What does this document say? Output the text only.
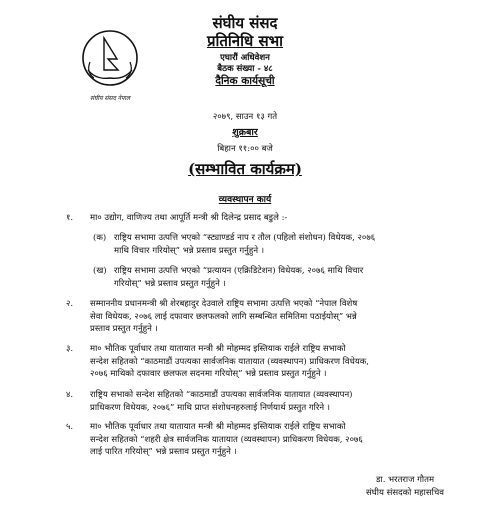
संघीय संसद नेपाल
संघीय संसद
प्रतिनिधि सभा
एघारौं अधिवेशन
बैठक संख्या - ४८
दैनिक कार्यसूची
२०७९, साउन १३ गते
शुक्रबार
बिहान ११:०० बजे
(सम्भावित कार्यक्रम)
व्यवस्थापन कार्य
१. मा० उद्योग, वाणिज्य तथा आपूर्ति मन्त्री श्री दिलेन्द्र प्रसाद बडुले :-
(क) राष्ट्रिय सभामा उत्पत्ति भएको “स्ट्याण्डर्ड नाप र तौल (पहिलो संशोधन) विधेयक, २०७६
माथि विचार गरियोस्” भन्ने प्रस्ताव प्रस्तुत गर्नुहुने ।
(ख) राष्ट्रिय सभामा उत्पत्ति भएको “प्रत्यायन (एक्रिडिटेशन) विधेयक, २०७६ माथि विचार
गरियोस्” भन्ने प्रस्ताव प्रस्तुत गर्नुहुने ।
२. सम्माननीय प्रधानमन्त्री श्री शेरबहादुर देउवाले राष्ट्रिय सभामा उत्पत्ति भएको “नेपाल विशेष
सेवा विधेयक, २०७६ लाई दफावार छलफलको लागि सम्बन्धित समितिमा पठाईयोस्” भन्ने
प्रस्ताव प्रस्तुत गर्नुहुने ।
३. मा० भौतिक पूर्वाधार तथा यातायात मन्त्री श्री मोहम्मद इस्तियाक राईले राष्ट्रिय सभाको
सन्देश सहितको “काठमाडौं उपत्यका सार्वजनिक यातायात (व्यवस्थापन) प्राधिकरण विधेयक,
२०७६ माथिको दफावार छलफल सदनमा गरियोस्” भन्ने प्रस्ताव प्रस्तुत गर्नुहुने ।
४. राष्ट्रिय सभाको सन्देश सहितको “काठमाडौं उपत्यका सार्वजनिक यातायात (व्यवस्थापन)
प्राधिकरण विधेयक, २०७६” माथि प्राप्त संशोधनहरुलाई निर्णयार्थ प्रस्तुत गरिने ।
५. मा० भौतिक पूर्वाधार तथा यातायात मन्त्री श्री मोहम्मद इस्तियाक राईले राष्ट्रिय सभाको
सन्देश सहितको “शहरी क्षेत्र सार्वजनिक यातायात (व्यवस्थापन) प्राधिकरण विधेयक, २०७६
लाई पारित गरियोस्” भन्ने प्रस्ताव प्रस्तुत गर्नुहुने ।
डा. भरतराज गौतम
संघीय संसदको महासचिव
